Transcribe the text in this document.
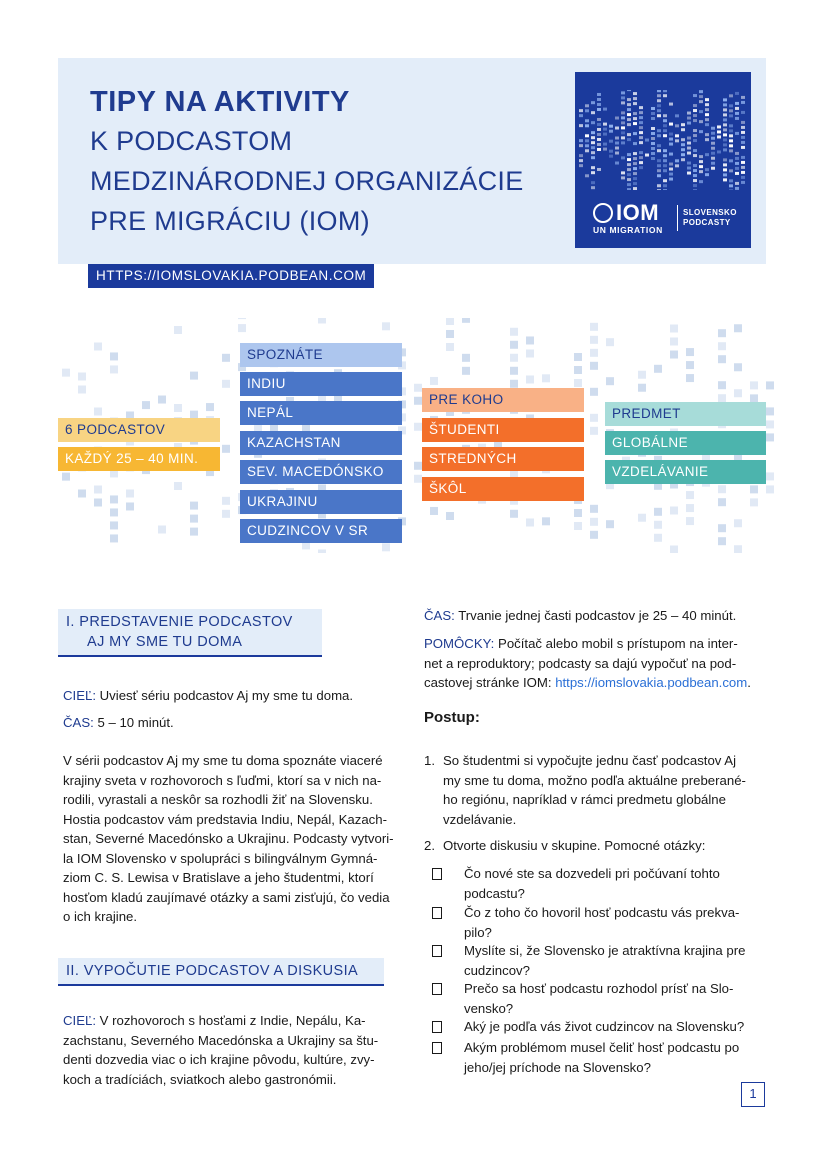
TIPY NA AKTIVITY
K PODCASTOM
MEDZINÁRODNEJ ORGANIZÁCIE
PRE MIGRÁCIU (IOM)	IOM
UN MIGRATION
SLOVENSKO
PODCASTY
HTTPS://IOMSLOVAKIA.PODBEAN.COM
SPOZNÁTE
INDIU
NEPÁL
KAZACHSTAN
SEV. MACEDÓNSKO
UKRAJINU
CUDZINCOV V SR
6 PODCASTOV
KAŽDÝ 25 – 40 MIN.
PRE KOHO
ŠTUDENTI
STREDNÝCH
ŠKÔL
PREDMET
GLOBÁLNE
VZDELÁVANIE
I. PREDSTAVENIE PODCASTOV
AJ MY SME TU DOMA
CIEĽ: Uviesť sériu podcastov Aj my sme tu doma.
ČAS: 5 – 10 minút.
V sérii podcastov Aj my sme tu doma spoznáte viaceré
krajiny sveta v rozhovoroch s ľuďmi, ktorí sa v nich na-
rodili, vyrastali a neskôr sa rozhodli žiť na Slovensku.
Hostia podcastov vám predstavia Indiu, Nepál, Kazach-
stan, Severné Macedónsko a Ukrajinu. Podcasty vytvori-
la IOM Slovensko v spolupráci s bilingválnym Gymná-
ziom C. S. Lewisa v Bratislave a jeho študentmi, ktorí
hosťom kladú zaujímavé otázky a sami zisťujú, čo vedia
o ich krajine.
II. VYPOČUTIE PODCASTOV A DISKUSIA
CIEĽ: V rozhovoroch s hosťami z Indie, Nepálu, Ka-
zachstanu, Severného Macedónska a Ukrajiny sa štu-
denti dozvedia viac o ich krajine pôvodu, kultúre, zvy-
koch a tradíciách, sviatkoch alebo gastronómii.
ČAS: Trvanie jednej časti podcastov je 25 – 40 minút.
POMÔCKY: Počítač alebo mobil s prístupom na inter-
net a reproduktory; podcasty sa dajú vypočuť na pod-
castovej stránke IOM: https://iomslovakia.podbean.com.
Postup:
1. So študentmi si vypočujte jednu časť podcastov Aj
my sme tu doma, možno podľa aktuálne preberané-
ho regiónu, napríklad v rámci predmetu globálne
vzdelávanie.
2. Otvorte diskusiu v skupine. Pomocné otázky:
Čo nové ste sa dozvedeli pri počúvaní tohto
podcastu?
Čo z toho čo hovoril hosť podcastu vás prekva-
pilo?
Myslíte si, že Slovensko je atraktívna krajina pre
cudzincov?
Prečo sa hosť podcastu rozhodol prísť na Slo-
vensko?
Aký je podľa vás život cudzincov na Slovensku?
Akým problémom musel čeliť hosť podcastu po
jeho/jej príchode na Slovensko?
1
